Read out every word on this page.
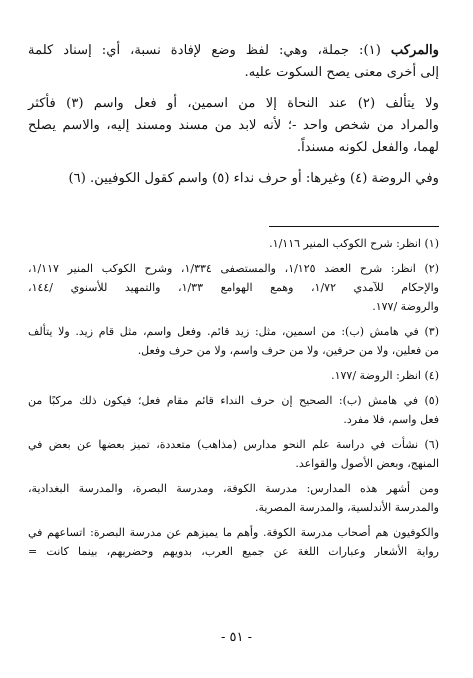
والمركب (١): جملة، وهي: لفظ وضع لإفادة نسبة، أي: إسناد كلمة
إلى أخرى معنى يصح السكوت عليه.
ولا يتألف (٢) عند النحاة إلا من اسمين، أو فعل واسم (٣) فأكثر
والمراد من شخص واحد -؛ لأنه لابد من مسند ومسند إليه، والاسم يصلح
لهما، والفعل لكونه مسنداً.
وفي الروضة (٤) وغيرها: أو حرف نداء (٥) واسم كقول الكوفيين. (٦)
(١) انظر: شرح الكوكب المنير ١/١١٦.
(٢) انظر: شرح العضد ١/١٢٥، والمستصفى ١/٣٣٤، وشرح الكوكب المنير ١/١١٧،
والإحكام للآمدي ١/٧٢، وهمع الهوامع ١/٣٣، والتمهيد للأسنوي /١٤٤،
والروضة /١٧٧.
(٣) في هامش (ب): من اسمين، مثل: زيد قائم. وفعل واسم، مثل قام زيد. ولا يتألف
من فعلين، ولا من حرفين، ولا من حرف واسم، ولا من حرف وفعل.
(٤) انظر: الروضة /١٧٧.
(٥) في هامش (ب): الصحيح إن حرف النداء قائم مقام فعل؛ فيكون ذلك مركبًا من
فعل واسم، فلا مفرد.
(٦) نشأت في دراسة علم النحو مدارس (مذاهب) متعددة، تميز بعضها عن بعض في
المنهج، وبعض الأصول والقواعد.
ومن أشهر هذه المدارس: مدرسة الكوفة، ومدرسة البصرة، والمدرسة البغدادية،
والمدرسة الأندلسية، والمدرسة المصرية.
والكوفيون هم أصحاب مدرسة الكوفة. وأهم ما يميزهم عن مدرسة البصرة: اتساعهم في
رواية الأشعار وعبارات اللغة عن جميع العرب، بدويهم وحضريهم، بينما كانت =
- ٥١ -
